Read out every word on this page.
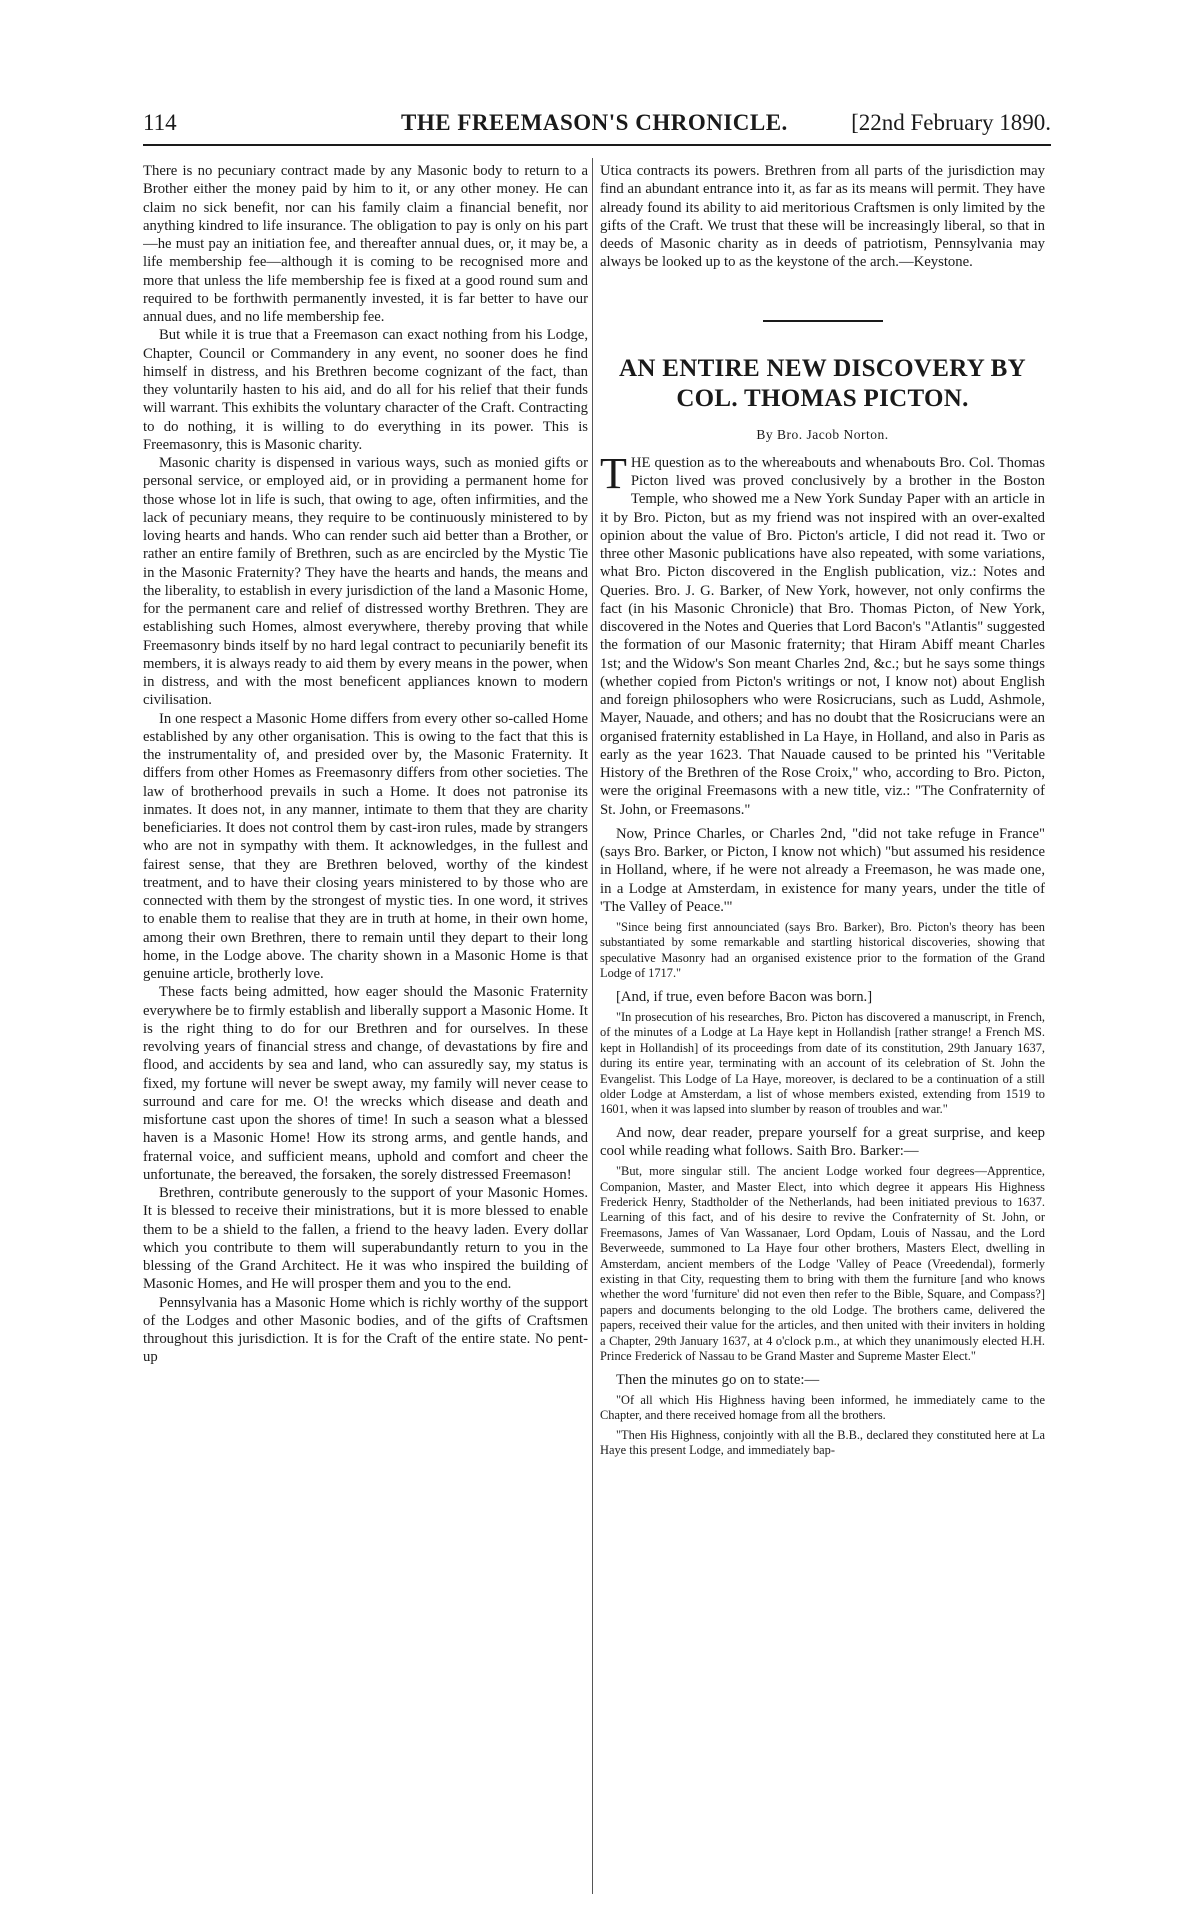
114	THE FREEMASON'S CHRONICLE.	[22nd February 1890.

There is no pecuniary contract made by any Masonic body to return to a Brother either the money paid by him to it, or any other money. He can claim no sick benefit, nor can his family claim a financial benefit, nor anything kindred to life insurance. The obligation to pay is only on his part—he must pay an initiation fee, and thereafter annual dues, or, it may be, a life membership fee—although it is coming to be recognised more and more that unless the life membership fee is fixed at a good round sum and required to be forthwith permanently invested, it is far better to have our annual dues, and no life membership fee.

But while it is true that a Freemason can exact nothing from his Lodge, Chapter, Council or Commandery in any event, no sooner does he find himself in distress, and his Brethren become cognizant of the fact, than they voluntarily hasten to his aid, and do all for his relief that their funds will warrant. This exhibits the voluntary character of the Craft. Contracting to do nothing, it is willing to do everything in its power. This is Freemasonry, this is Masonic charity.

Masonic charity is dispensed in various ways, such as monied gifts or personal service, or employed aid, or in providing a permanent home for those whose lot in life is such, that owing to age, often infirmities, and the lack of pecuniary means, they require to be continuously ministered to by loving hearts and hands. Who can render such aid better than a Brother, or rather an entire family of Brethren, such as are encircled by the Mystic Tie in the Masonic Fraternity? They have the hearts and hands, the means and the liberality, to establish in every jurisdiction of the land a Masonic Home, for the permanent care and relief of distressed worthy Brethren. They are establishing such Homes, almost everywhere, thereby proving that while Freemasonry binds itself by no hard legal contract to pecuniarily benefit its members, it is always ready to aid them by every means in the power, when in distress, and with the most beneficent appliances known to modern civilisation.

In one respect a Masonic Home differs from every other so-called Home established by any other organisation. This is owing to the fact that this is the instrumentality of, and presided over by, the Masonic Fraternity. It differs from other Homes as Freemasonry differs from other societies. The law of brotherhood prevails in such a Home. It does not patronise its inmates. It does not, in any manner, intimate to them that they are charity beneficiaries. It does not control them by cast-iron rules, made by strangers who are not in sympathy with them. It acknowledges, in the fullest and fairest sense, that they are Brethren beloved, worthy of the kindest treatment, and to have their closing years ministered to by those who are connected with them by the strongest of mystic ties. In one word, it strives to enable them to realise that they are in truth at home, in their own home, among their own Brethren, there to remain until they depart to their long home, in the Lodge above. The charity shown in a Masonic Home is that genuine article, brotherly love.

These facts being admitted, how eager should the Masonic Fraternity everywhere be to firmly establish and liberally support a Masonic Home. It is the right thing to do for our Brethren and for ourselves. In these revolving years of financial stress and change, of devastations by fire and flood, and accidents by sea and land, who can assuredly say, my status is fixed, my fortune will never be swept away, my family will never cease to surround and care for me. O! the wrecks which disease and death and misfortune cast upon the shores of time! In such a season what a blessed haven is a Masonic Home! How its strong arms, and gentle hands, and fraternal voice, and sufficient means, uphold and comfort and cheer the unfortunate, the bereaved, the forsaken, the sorely distressed Freemason!

Brethren, contribute generously to the support of your Masonic Homes. It is blessed to receive their ministrations, but it is more blessed to enable them to be a shield to the fallen, a friend to the heavy laden. Every dollar which you contribute to them will superabundantly return to you in the blessing of the Grand Architect. He it was who inspired the building of Masonic Homes, and He will prosper them and you to the end.

Pennsylvania has a Masonic Home which is richly worthy of the support of the Lodges and other Masonic bodies, and of the gifts of Craftsmen throughout this jurisdiction. It is for the Craft of the entire state. No pent-up

Utica contracts its powers. Brethren from all parts of the jurisdiction may find an abundant entrance into it, as far as its means will permit. They have already found its ability to aid meritorious Craftsmen is only limited by the gifts of the Craft. We trust that these will be increasingly liberal, so that in deeds of Masonic charity as in deeds of patriotism, Pennsylvania may always be looked up to as the keystone of the arch.—Keystone.

AN ENTIRE NEW DISCOVERY BY COL. THOMAS PICTON.
By Bro. Jacob Norton.
T HE question as to the whereabouts and whenabouts Bro. Col. Thomas Picton lived was proved conclusively by a brother in the Boston Temple, who showed me a New York Sunday Paper with an article in it by Bro. Picton, but as my friend was not inspired with an over-exalted opinion about the value of Bro. Picton's article, I did not read it. Two or three other Masonic publications have also repeated, with some variations, what Bro. Picton discovered in the English publication, viz.: Notes and Queries. Bro. J. G. Barker, of New York, however, not only confirms the fact (in his Masonic Chronicle) that Bro. Thomas Picton, of New York, discovered in the Notes and Queries that Lord Bacon's "Atlantis" suggested the formation of our Masonic fraternity; that Hiram Abiff meant Charles 1st; and the Widow's Son meant Charles 2nd, &c.; but he says some things (whether copied from Picton's writings or not, I know not) about English and foreign philosophers who were Rosicrucians, such as Ludd, Ashmole, Mayer, Nauade, and others; and has no doubt that the Rosicrucians were an organised fraternity established in La Haye, in Holland, and also in Paris as early as the year 1623. That Nauade caused to be printed his "Veritable History of the Brethren of the Rose Croix," who, according to Bro. Picton, were the original Freemasons with a new title, viz.: "The Confraternity of St. John, or Freemasons."

Now, Prince Charles, or Charles 2nd, "did not take refuge in France" (says Bro. Barker, or Picton, I know not which) "but assumed his residence in Holland, where, if he were not already a Freemason, he was made one, in a Lodge at Amsterdam, in existence for many years, under the title of 'The Valley of Peace.'"

"Since being first announciated (says Bro. Barker), Bro. Picton's theory has been substantiated by some remarkable and startling historical discoveries, showing that speculative Masonry had an organised existence prior to the formation of the Grand Lodge of 1717."

[And, if true, even before Bacon was born.]

"In prosecution of his researches, Bro. Picton has discovered a manuscript, in French, of the minutes of a Lodge at La Haye kept in Hollandish [rather strange! a French MS. kept in Hollandish] of its proceedings from date of its constitution, 29th January 1637, during its entire year, terminating with an account of its celebration of St. John the Evangelist. This Lodge of La Haye, moreover, is declared to be a continuation of a still older Lodge at Amsterdam, a list of whose members existed, extending from 1519 to 1601, when it was lapsed into slumber by reason of troubles and war."

And now, dear reader, prepare yourself for a great surprise, and keep cool while reading what follows. Saith Bro. Barker:—

"But, more singular still. The ancient Lodge worked four degrees—Apprentice, Companion, Master, and Master Elect, into which degree it appears His Highness Frederick Henry, Stadtholder of the Netherlands, had been initiated previous to 1637. Learning of this fact, and of his desire to revive the Confraternity of St. John, or Freemasons, James of Van Wassanaer, Lord Opdam, Louis of Nassau, and the Lord Beverweede, summoned to La Haye four other brothers, Masters Elect, dwelling in Amsterdam, ancient members of the Lodge 'Valley of Peace (Vreedendal), formerly existing in that City, requesting them to bring with them the furniture [and who knows whether the word 'furniture' did not even then refer to the Bible, Square, and Compass?] papers and documents belonging to the old Lodge. The brothers came, delivered the papers, received their value for the articles, and then united with their inviters in holding a Chapter, 29th January 1637, at 4 o'clock p.m., at which they unanimously elected H.H. Prince Frederick of Nassau to be Grand Master and Supreme Master Elect."

Then the minutes go on to state:—

"Of all which His Highness having been informed, he immediately came to the Chapter, and there received homage from all the brothers.

"Then His Highness, conjointly with all the B.B., declared they constituted here at La Haye this present Lodge, and immediately bap-
